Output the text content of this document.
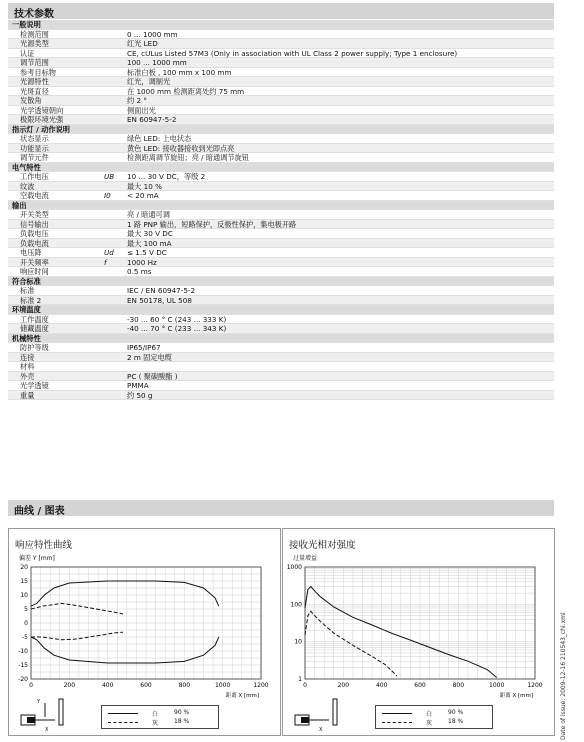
技术参数
一般说明
检测范围	0 ... 1000 mm
光源类型	红光 LED
认证	CE, cULus Listed 57M3 (Only in association with UL Class 2 power supply; Type 1 enclosure)
调节范围	100 ... 1000 mm
参考目标物	标准白板 , 100 mm x 100 mm
光源特性	红光，调制光
光斑直径	在 1000 mm 检测距离处约 75 mm
发散角	约 2 °
光学透镜朝向	侧面出光
极限环境光强	EN 60947-5-2
指示灯 / 动作说明
状态显示	绿色 LED: 上电状态
功能显示	黄色 LED: 接收器接收到光即点亮
调节元件	检测距离调节旋钮；亮 / 暗通调节旋钮
电气特性
工作电压	UB 10 ... 30 V DC，等级 2
纹波	最大 10 %
空载电流	I0 < 20 mA
输出
开关类型	亮 / 暗通可调
信号输出	1 路 PNP 输出，短路保护，反极性保护，集电极开路
负载电压	最大 30 V DC
负载电流	最大 100 mA
电压降	Ud ≤ 1.5 V DC
开关频率	f	1000 Hz
响应时间	0.5 ms
符合标准
标准	IEC / EN 60947-5-2
标准 2	EN 50178, UL 508
环境温度
工作温度	-30 ... 60 ° C (243 ... 333 K)
储藏温度	-40 ... 70 ° C (233 ... 343 K)
机械特性
防护等级	IP65/IP67
连接	2 m 固定电缆
材料
外壳	PC ( 聚碳酸酯 )
光学透镜	PMMA
重量	约 50 g
曲线 / 图表
响应特性曲线
偏差 Y [mm]
0	200	400	600	800	1000	1200
20
15
10
5
0
-5
-10
-15
-20
距离 X [mm]
白	90 %
灰	18 %
Y
X
接收光相对强度
过量增益
0	200	400	600	800	1000	1200
1000
100
10
1
距离 X [mm]
白	90 %
灰	18 %
X	Date of issue: 2009-12-16 210543_chi.xml
